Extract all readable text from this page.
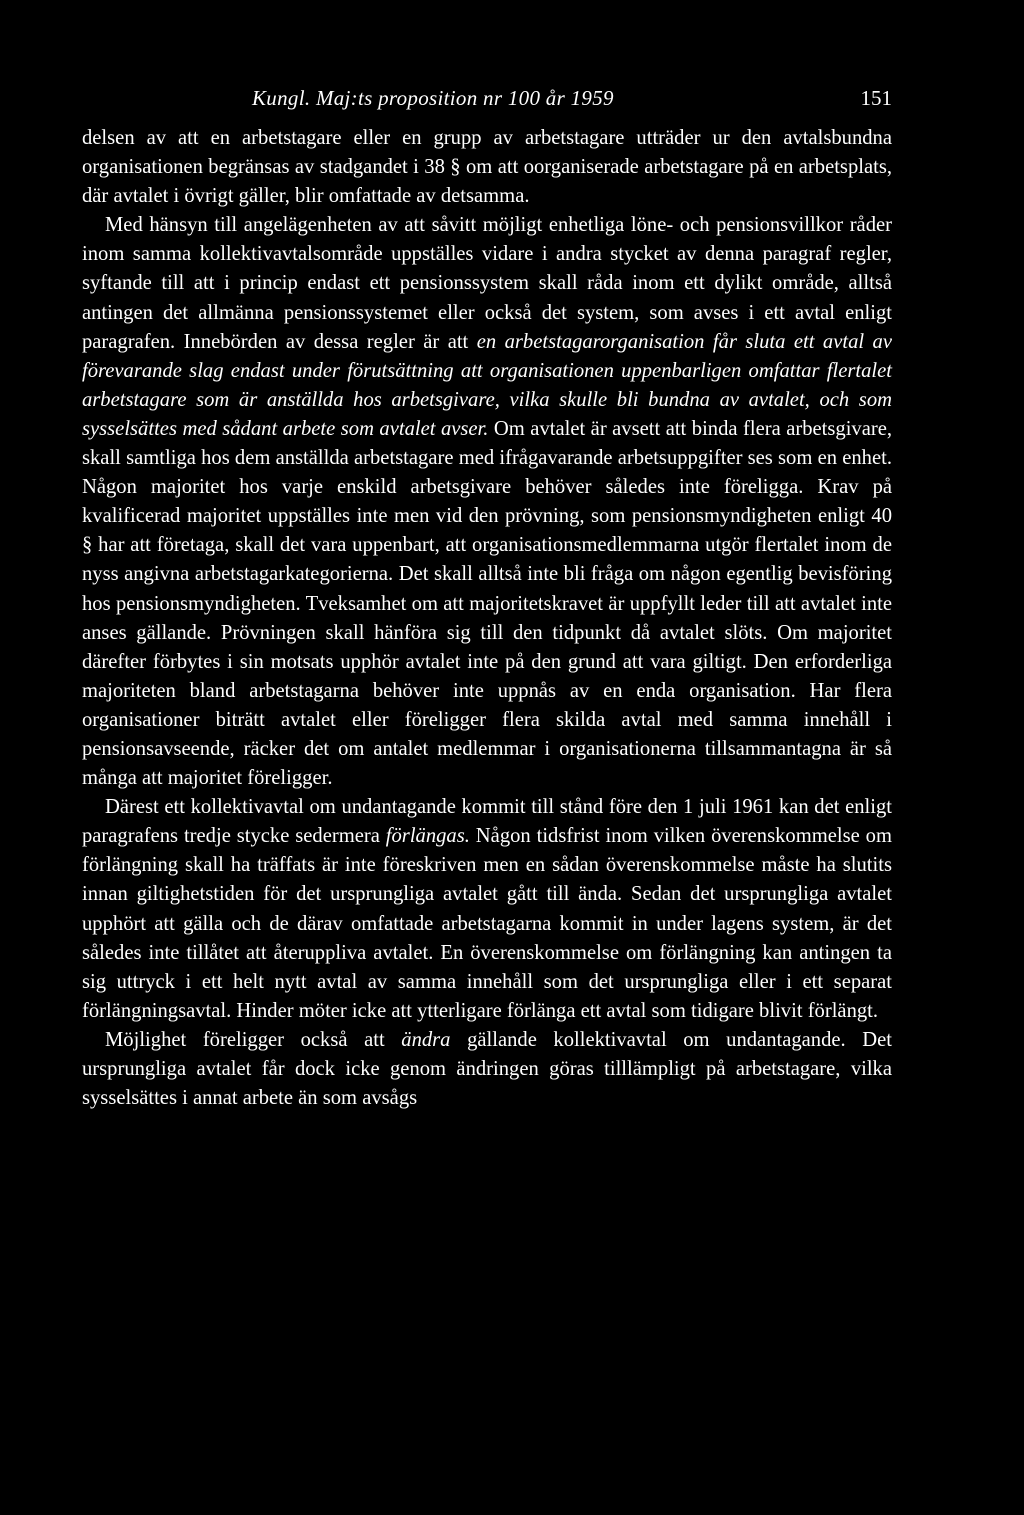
Kungl. Maj:ts proposition nr 100 år 1959	151

delsen av att en arbetstagare eller en grupp av arbetstagare utträder ur den avtalsbundna organisationen begränsas av stadgandet i 38 § om att oorganiserade arbetstagare på en arbetsplats, där avtalet i övrigt gäller, blir omfattade av detsamma.

Med hänsyn till angelägenheten av att såvitt möjligt enhetliga löne- och pensionsvillkor råder inom samma kollektivavtalsområde uppställes vidare i andra stycket av denna paragraf regler, syftande till att i princip endast ett pensionssystem skall råda inom ett dylikt område, alltså antingen det allmänna pensionssystemet eller också det system, som avses i ett avtal enligt paragrafen. Innebörden av dessa regler är att en arbetstagarorganisation får sluta ett avtal av förevarande slag endast under förutsättning att organisationen uppenbarligen omfattar flertalet arbetstagare som är anställda hos arbetsgivare, vilka skulle bli bundna av avtalet, och som sysselsättes med sådant arbete som avtalet avser. Om avtalet är avsett att binda flera arbetsgivare, skall samtliga hos dem anställda arbetstagare med ifrågavarande arbetsuppgifter ses som en enhet. Någon majoritet hos varje enskild arbetsgivare behöver således inte föreligga. Krav på kvalificerad majoritet uppställes inte men vid den prövning, som pensionsmyndigheten enligt 40 § har att företaga, skall det vara uppenbart, att organisationsmedlemmarna utgör flertalet inom de nyss angivna arbetstagarkategorierna. Det skall alltså inte bli fråga om någon egentlig bevisföring hos pensionsmyndigheten. Tveksamhet om att majoritetskravet är uppfyllt leder till att avtalet inte anses gällande. Prövningen skall hänföra sig till den tidpunkt då avtalet slöts. Om majoritet därefter förbytes i sin motsats upphör avtalet inte på den grund att vara giltigt. Den erforderliga majoriteten bland arbetstagarna behöver inte uppnås av en enda organisation. Har flera organisationer biträtt avtalet eller föreligger flera skilda avtal med samma innehåll i pensionsavseende, räcker det om antalet medlemmar i organisationerna tillsammantagna är så många att majoritet föreligger.

Därest ett kollektivavtal om undantagande kommit till stånd före den 1 juli 1961 kan det enligt paragrafens tredje stycke sedermera förlängas. Någon tidsfrist inom vilken överenskommelse om förlängning skall ha träffats är inte föreskriven men en sådan överenskommelse måste ha slutits innan giltighetstiden för det ursprungliga avtalet gått till ända. Sedan det ursprungliga avtalet upphört att gälla och de därav omfattade arbetstagarna kommit in under lagens system, är det således inte tillåtet att återuppliva avtalet. En överenskommelse om förlängning kan antingen ta sig uttryck i ett helt nytt avtal av samma innehåll som det ursprungliga eller i ett separat förlängningsavtal. Hinder möter icke att ytterligare förlänga ett avtal som tidigare blivit förlängt.

Möjlighet föreligger också att ändra gällande kollektivavtal om undantagande. Det ursprungliga avtalet får dock icke genom ändringen göras tilllämpligt på arbetstagare, vilka sysselsättes i annat arbete än som avsågs
